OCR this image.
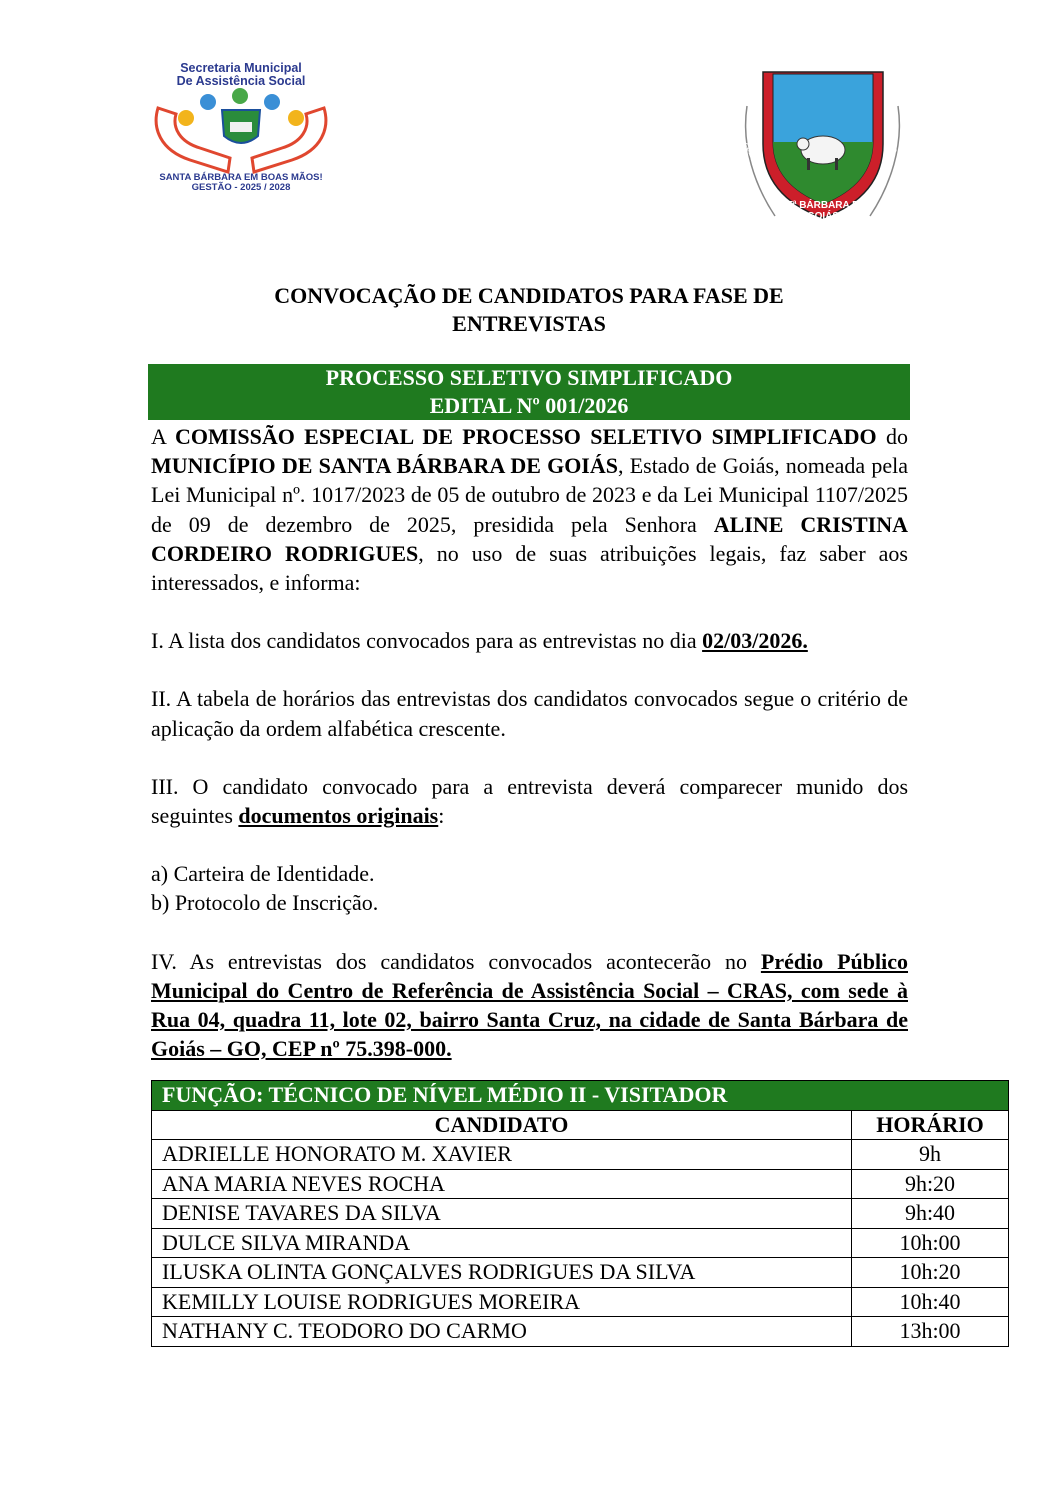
Secretaria Municipal
De Assistência Social
SANTA BÁRBARA EM BOAS MÃOS!
GESTÃO - 2025 / 2028
2216	1963
STª BÁRBARA DE GOIÁS
CONVOCAÇÃO DE CANDIDATOS PARA FASE DE
ENTREVISTAS
PROCESSO SELETIVO SIMPLIFICADO
EDITAL Nº 001/2026

A COMISSÃO ESPECIAL DE PROCESSO SELETIVO SIMPLIFICADO do MUNICÍPIO DE SANTA BÁRBARA DE GOIÁS, Estado de Goiás, nomeada pela Lei Municipal nº. 1017/2023 de 05 de outubro de 2023 e da Lei Municipal 1107/2025 de 09 de dezembro de 2025, presidida pela Senhora ALINE CRISTINA CORDEIRO RODRIGUES, no uso de suas atribuições legais, faz saber aos interessados, e informa:

I. A lista dos candidatos convocados para as entrevistas no dia 02/03/2026.

II. A tabela de horários das entrevistas dos candidatos convocados segue o critério de aplicação da ordem alfabética crescente.

III. O candidato convocado para a entrevista deverá comparecer munido dos seguintes documentos originais:

a) Carteira de Identidade.

b) Protocolo de Inscrição.

IV. As entrevistas dos candidatos convocados acontecerão no Prédio Público Municipal do Centro de Referência de Assistência Social – CRAS, com sede à Rua 04, quadra 11, lote 02, bairro Santa Cruz, na cidade de Santa Bárbara de Goiás – GO, CEP nº 75.398-000.

FUNÇÃO: TÉCNICO DE NÍVEL MÉDIO II - VISITADOR	
CANDIDATO	HORÁRIO
ADRIELLE HONORATO M. XAVIER	9h
ANA MARIA NEVES ROCHA	9h:20
DENISE TAVARES DA SILVA	9h:40
DULCE SILVA MIRANDA	10h:00
ILUSKA OLINTA GONÇALVES RODRIGUES DA SILVA	10h:20
KEMILLY LOUISE RODRIGUES MOREIRA	10h:40
NATHANY C. TEODORO DO CARMO	13h:00
